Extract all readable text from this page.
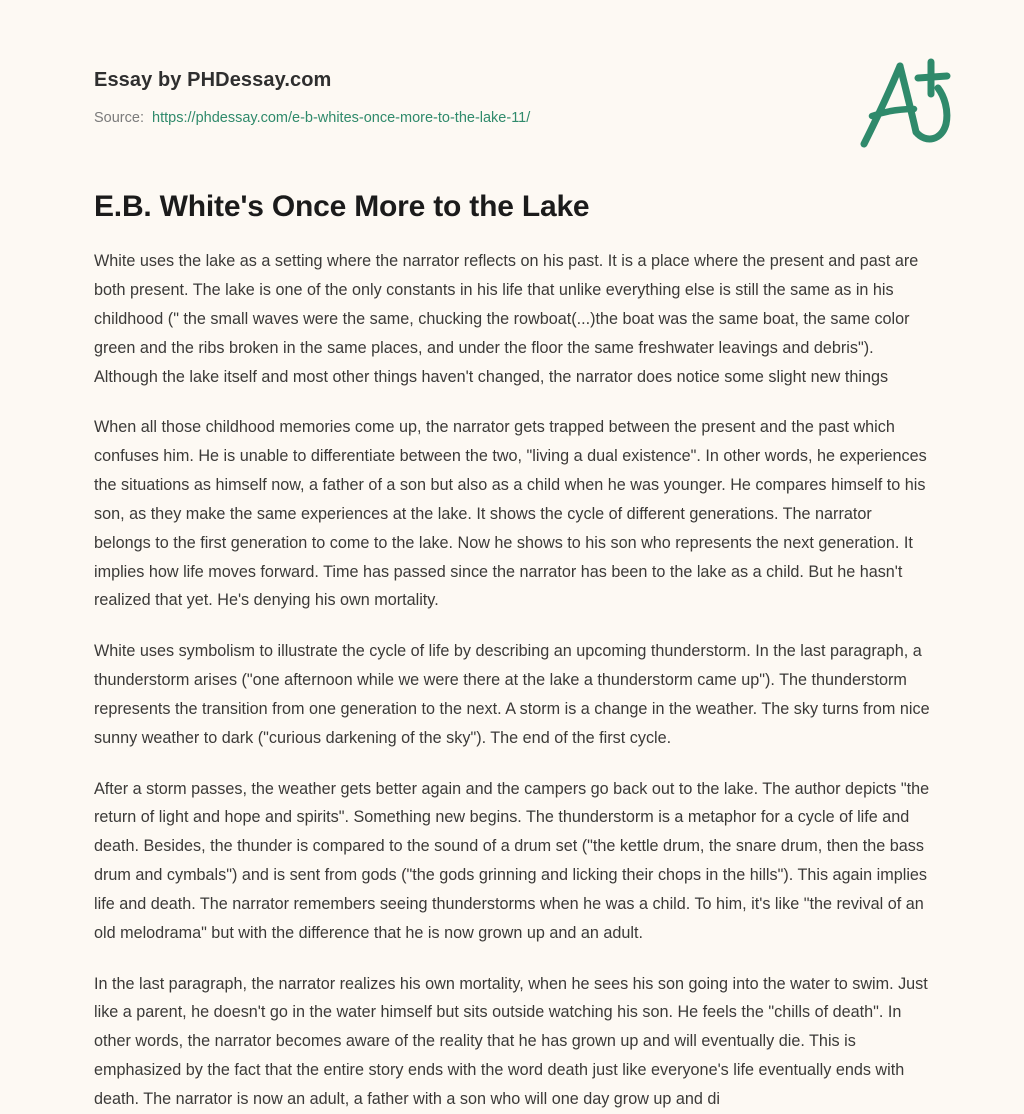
Essay by PHDessay.com
Source: https://phdessay.com/e-b-whites-once-more-to-the-lake-11/
E.B. White's Once More to the Lake

White uses the lake as a setting where the narrator reflects on his past. It is a place where the present and past are both present. The lake is one of the only constants in his life that unlike everything else is still the same as in his childhood (" the small waves were the same, chucking the rowboat(...)the boat was the same boat, the same color green and the ribs broken in the same places, and under the floor the same freshwater leavings and debris"). Although the lake itself and most other things haven't changed, the narrator does notice some slight new things

When all those childhood memories come up, the narrator gets trapped between the present and the past which confuses him. He is unable to differentiate between the two, "living a dual existence". In other words, he experiences the situations as himself now, a father of a son but also as a child when he was younger. He compares himself to his son, as they make the same experiences at the lake. It shows the cycle of different generations. The narrator belongs to the first generation to come to the lake. Now he shows to his son who represents the next generation. It implies how life moves forward. Time has passed since the narrator has been to the lake as a child. But he hasn't realized that yet. He's denying his own mortality.

White uses symbolism to illustrate the cycle of life by describing an upcoming thunderstorm. In the last paragraph, a thunderstorm arises ("one afternoon while we were there at the lake a thunderstorm came up"). The thunderstorm represents the transition from one generation to the next. A storm is a change in the weather. The sky turns from nice sunny weather to dark ("curious darkening of the sky"). The end of the first cycle.

After a storm passes, the weather gets better again and the campers go back out to the lake. The author depicts "the return of light and hope and spirits". Something new begins. The thunderstorm is a metaphor for a cycle of life and death. Besides, the thunder is compared to the sound of a drum set ("the kettle drum, the snare drum, then the bass drum and cymbals") and is sent from gods ("the gods grinning and licking their chops in the hills"). This again implies life and death. The narrator remembers seeing thunderstorms when he was a child. To him, it's like "the revival of an old melodrama" but with the difference that he is now grown up and an adult.

In the last paragraph, the narrator realizes his own mortality, when he sees his son going into the water to swim. Just like a parent, he doesn't go in the water himself but sits outside watching his son. He feels the "chills of death". In other words, the narrator becomes aware of the reality that he has grown up and will eventually die. This is emphasized by the fact that the entire story ends with the word death just like everyone's life eventually ends with death. The narrator is now an adult, a father with a son who will one day grow up and di
